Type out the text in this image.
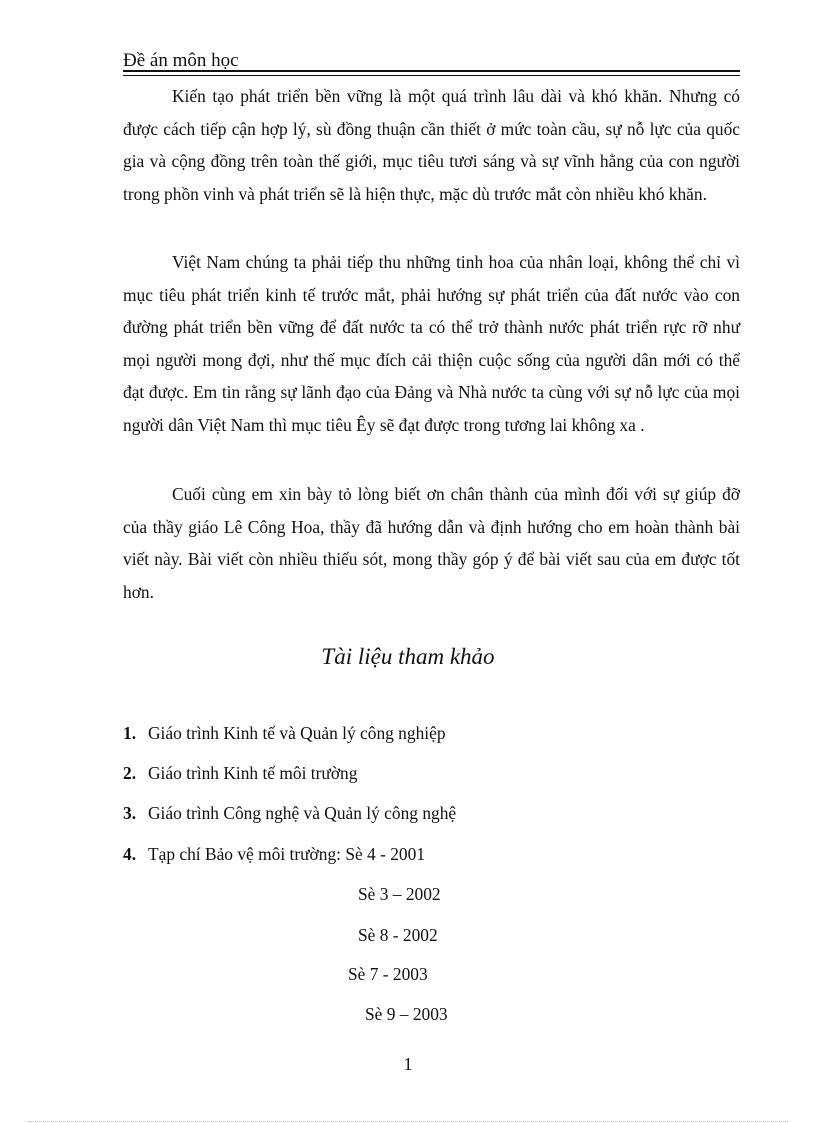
Đề án môn học

Kiến tạo phát triển bền vững là một quá trình lâu dài và khó khăn. Nhưng có được cách tiếp cận hợp lý, sù đồng thuận cần thiết ở mức toàn cầu, sự nỗ lực của quốc gia và cộng đồng trên toàn thế giới, mục tiêu tươi sáng và sự vĩnh hằng của con người trong phồn vinh và phát triển sẽ là hiện thực, mặc dù trước mắt còn nhiều khó khăn.

Việt Nam chúng ta phải tiếp thu những tinh hoa của nhân loại, không thể chỉ vì mục tiêu phát triển kinh tế trước mắt, phải hướng sự phát triển của đất nước vào con đường phát triển bền vững để đất nước ta có thể trở thành nước phát triển rực rỡ như mọi người mong đợi, như thế mục đích cải thiện cuộc sống của người dân mới có thể đạt được. Em tin rằng sự lãnh đạo của Đảng và Nhà nước ta cùng với sự nỗ lực của mọi người dân Việt Nam thì mục tiêu Êy sẽ đạt được trong tương lai không xa .

Cuối cùng em xin bày tỏ lòng biết ơn chân thành của mình đối với sự giúp đỡ của thầy giáo Lê Công Hoa, thầy đã hướng dẫn và định hướng cho em hoàn thành bài viết này. Bài viết còn nhiều thiếu sót, mong thầy góp ý để bài viết sau của em được tốt hơn.

Tài liệu tham khảo
1. Giáo trình Kinh tế và Quản lý công nghiệp
2. Giáo trình Kinh tế môi trường
3. Giáo trình Công nghệ và Quản lý công nghệ
4. Tạp chí Bảo vệ môi trường: Sè 4 - 2001
Sè 3 – 2002
Sè 8 - 2002
Sè 7 - 2003
Sè 9 – 2003
1
